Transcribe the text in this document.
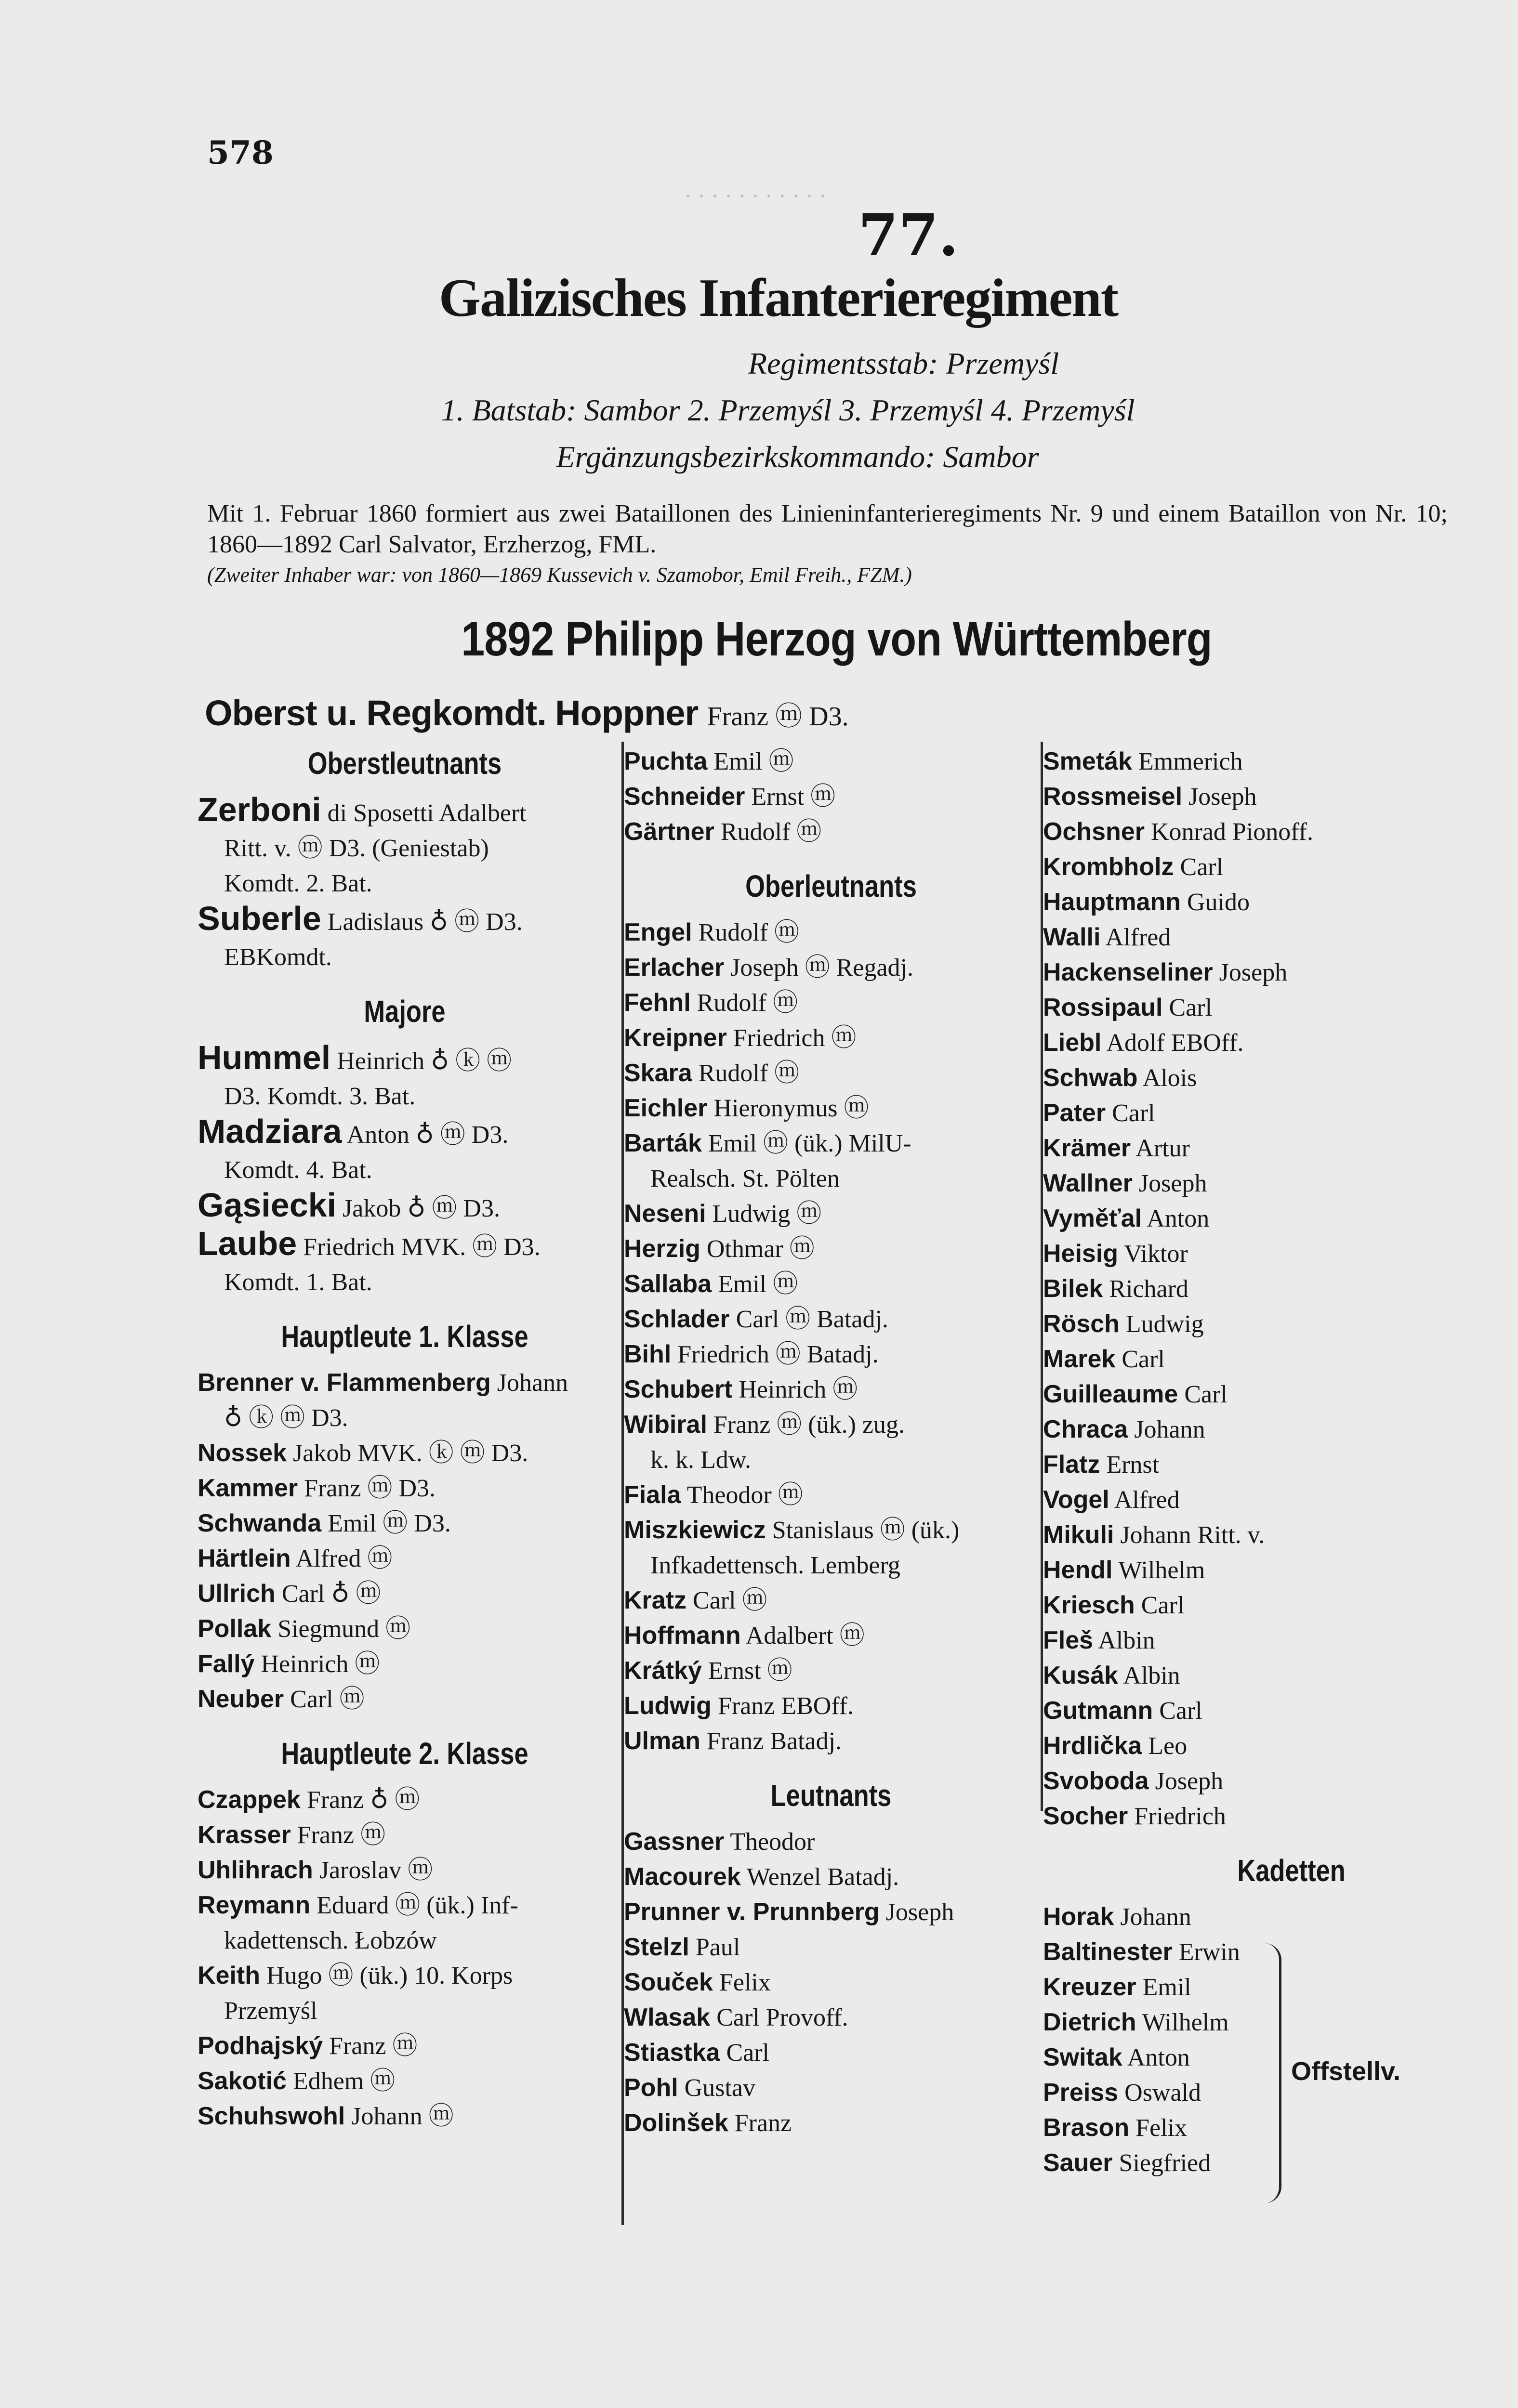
· · · · · · · · · · ·
578
77.
Galizisches Infanterieregiment
Regimentsstab: Przemyśl
1. Batstab: Sambor 2. Przemyśl 3. Przemyśl 4. Przemyśl
Ergänzungsbezirkskommando: Sambor
Mit 1. Februar 1860 formiert aus zwei Bataillonen des Linieninfanterieregiments Nr. 9 und einem Bataillon von Nr. 10; 1860—1892 Carl Salvator, Erzherzog, FML.
(Zweiter Inhaber war: von 1860—1869 Kussevich v. Szamobor, Emil Freih., FZM.)
1892 Philipp Herzog von Württemberg
Oberst u. Regkomdt. Hoppner Franz ⓜ D3.
Oberstleutnants
Zerboni di Sposetti Adalbert
Ritt. v. ⓜ D3. (Geniestab)
Komdt. 2. Bat.
Suberle Ladislaus ♁ ⓜ D3.
EBKomdt.
Majore
Hummel Heinrich ♁ ⓚ ⓜ
D3. Komdt. 3. Bat.
Madziara Anton ♁ ⓜ D3.
Komdt. 4. Bat.
Gąsiecki Jakob ♁ ⓜ D3.
Laube Friedrich MVK. ⓜ D3.
Komdt. 1. Bat.
Hauptleute 1. Klasse
Brenner v. Flammenberg Johann
♁ ⓚ ⓜ D3.
Nossek Jakob MVK. ⓚ ⓜ D3.
Kammer Franz ⓜ D3.
Schwanda Emil ⓜ D3.
Härtlein Alfred ⓜ
Ullrich Carl ♁ ⓜ
Pollak Siegmund ⓜ
Fallý Heinrich ⓜ
Neuber Carl ⓜ
Hauptleute 2. Klasse
Czappek Franz ♁ ⓜ
Krasser Franz ⓜ
Uhlihrach Jaroslav ⓜ
Reymann Eduard ⓜ (ük.) Inf-
kadettensch. Łobzów
Keith Hugo ⓜ (ük.) 10. Korps
Przemyśl
Podhajský Franz ⓜ
Sakotić Edhem ⓜ
Schuhswohl Johann ⓜ
Puchta Emil ⓜ
Schneider Ernst ⓜ
Gärtner Rudolf ⓜ
Oberleutnants
Engel Rudolf ⓜ
Erlacher Joseph ⓜ Regadj.
Fehnl Rudolf ⓜ
Kreipner Friedrich ⓜ
Skara Rudolf ⓜ
Eichler Hieronymus ⓜ
Barták Emil ⓜ (ük.) MilU-
Realsch. St. Pölten
Neseni Ludwig ⓜ
Herzig Othmar ⓜ
Sallaba Emil ⓜ
Schlader Carl ⓜ Batadj.
Bihl Friedrich ⓜ Batadj.
Schubert Heinrich ⓜ
Wibiral Franz ⓜ (ük.) zug.
k. k. Ldw.
Fiala Theodor ⓜ
Miszkiewicz Stanislaus ⓜ (ük.)
Infkadettensch. Lemberg
Kratz Carl ⓜ
Hoffmann Adalbert ⓜ
Krátký Ernst ⓜ
Ludwig Franz EBOff.
Ulman Franz Batadj.
Leutnants
Gassner Theodor
Macourek Wenzel Batadj.
Prunner v. Prunnberg Joseph
Stelzl Paul
Souček Felix
Wlasak Carl Provoff.
Stiastka Carl
Pohl Gustav
Dolinšek Franz
Smeták Emmerich
Rossmeisel Joseph
Ochsner Konrad Pionoff.
Krombholz Carl
Hauptmann Guido
Walli Alfred
Hackenseliner Joseph
Rossipaul Carl
Liebl Adolf EBOff.
Schwab Alois
Pater Carl
Krämer Artur
Wallner Joseph
Vyměťal Anton
Heisig Viktor
Bilek Richard
Rösch Ludwig
Marek Carl
Guilleaume Carl
Chraca Johann
Flatz Ernst
Vogel Alfred
Mikuli Johann Ritt. v.
Hendl Wilhelm
Kriesch Carl
Fleš Albin
Kusák Albin
Gutmann Carl
Hrdlička Leo
Svoboda Joseph
Socher Friedrich
Kadetten
Horak Johann
Baltinester Erwin
Kreuzer Emil
Dietrich Wilhelm
Switak Anton
Preiss Oswald
Brason Felix
Sauer Siegfried
Offstellv.
